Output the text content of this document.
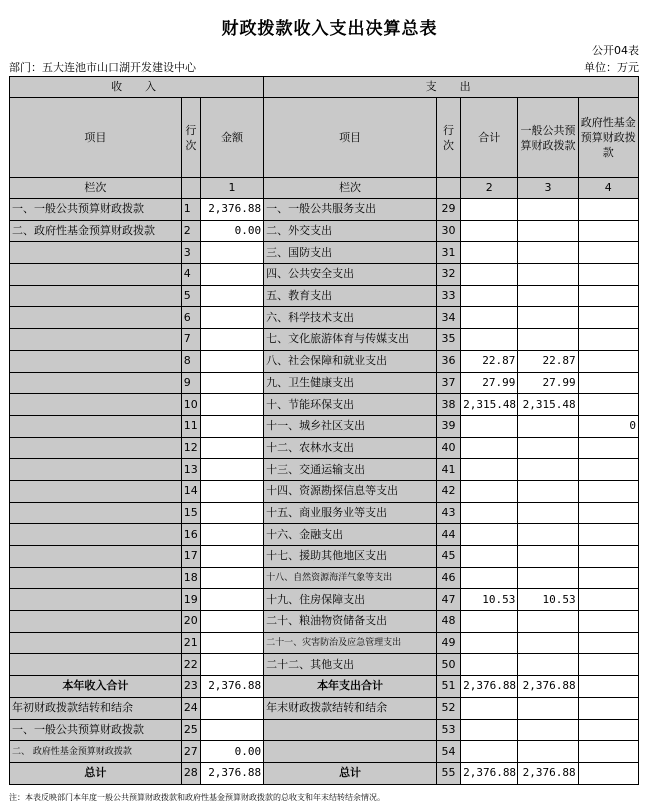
财政拨款收入支出决算总表
公开04表
部门：五大连池市山口湖开发建设中心	单位：万元
收　入			支　出				
项目	行次	金额	项目	行次	合计	一般公共预算财政拨款	政府性基金预算财政拨款
栏次		1	栏次		2	3	4
一、一般公共预算财政拨款	1	2,376.88	一、一般公共服务支出	29			
二、政府性基金预算财政拨款	2	0.00	二、外交支出	30			
	3		三、国防支出	31			
	4		四、公共安全支出	32			
	5		五、教育支出	33			
	6		六、科学技术支出	34			
	7		七、文化旅游体育与传媒支出	35			
	8		八、社会保障和就业支出	36	22.87	22.87	
	9		九、卫生健康支出	37	27.99	27.99	
	10		十、节能环保支出	38	2,315.48	2,315.48	
	11		十一、城乡社区支出	39			0
	12		十二、农林水支出	40			
	13		十三、交通运输支出	41			
	14		十四、资源勘探信息等支出	42			
	15		十五、商业服务业等支出	43			
	16		十六、金融支出	44			
	17		十七、援助其他地区支出	45			
	18		十八、自然资源海洋气象等支出	46			
	19		十九、住房保障支出	47	10.53	10.53	
	20		二十、粮油物资储备支出	48			
	21		二十一、灾害防治及应急管理支出	49			
	22		二十二、其他支出	50			
本年收入合计	23	2,376.88	本年支出合计	51	2,376.88	2,376.88	
年初财政拨款结转和结余	24		年末财政拨款结转和结余	52			
一、一般公共预算财政拨款	25			53			
二、 政府性基金预算财政拨款	27	0.00		54			
总计	28	2,376.88	总计	55	2,376.88	2,376.88	
注：本表反映部门本年度一般公共预算财政拨款和政府性基金预算财政拨款的总收支和年末结转结余情况。
